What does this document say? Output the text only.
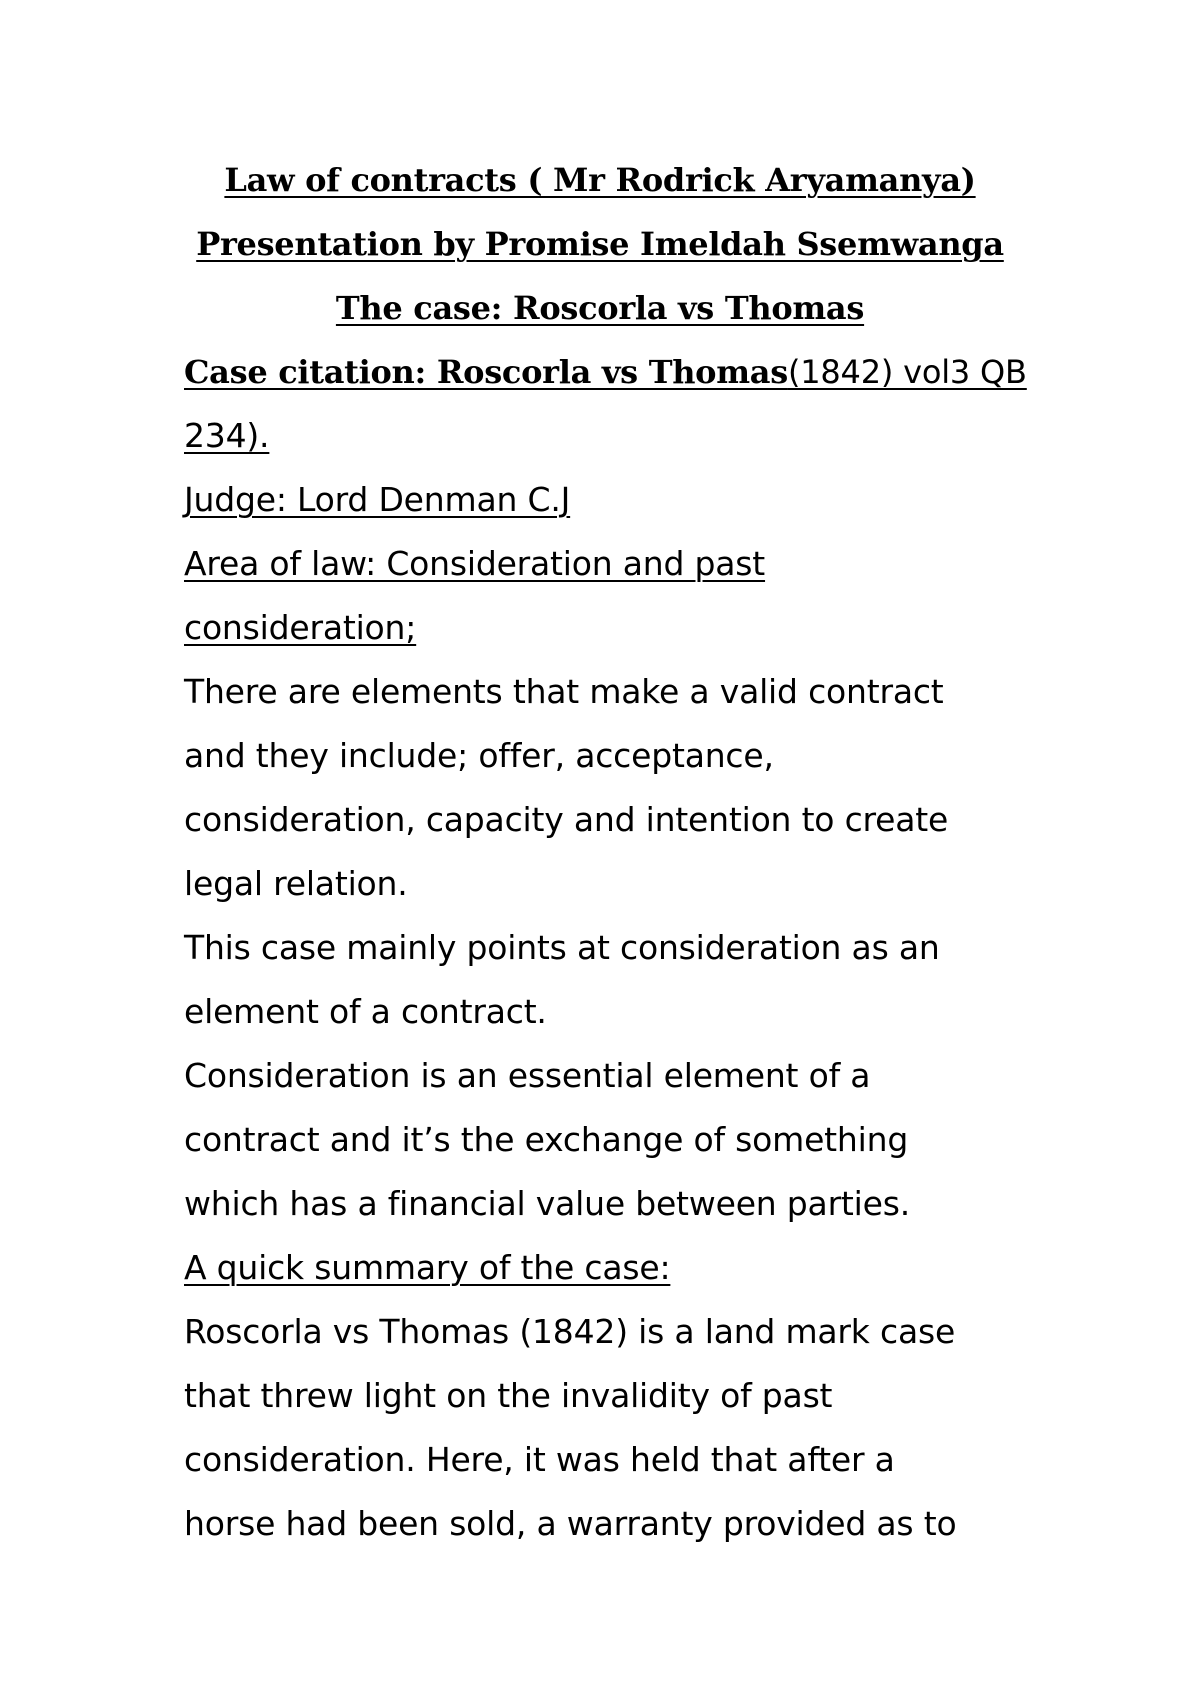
Law of contracts ( Mr Rodrick Aryamanya)
Presentation by Promise Imeldah Ssemwanga
The case: Roscorla vs Thomas
Case citation: Roscorla vs Thomas(1842) vol3 QB
234).
Judge: Lord Denman C.J
Area of law: Consideration and past
consideration;
There are elements that make a valid contract
and they include; offer, acceptance,
consideration, capacity and intention to create
legal relation.
This case mainly points at consideration as an
element of a contract.
Consideration is an essential element of a
contract and it’s the exchange of something
which has a financial value between parties.
A quick summary of the case:
Roscorla vs Thomas (1842) is a land mark case
that threw light on the invalidity of past
consideration. Here, it was held that after a
horse had been sold, a warranty provided as to
